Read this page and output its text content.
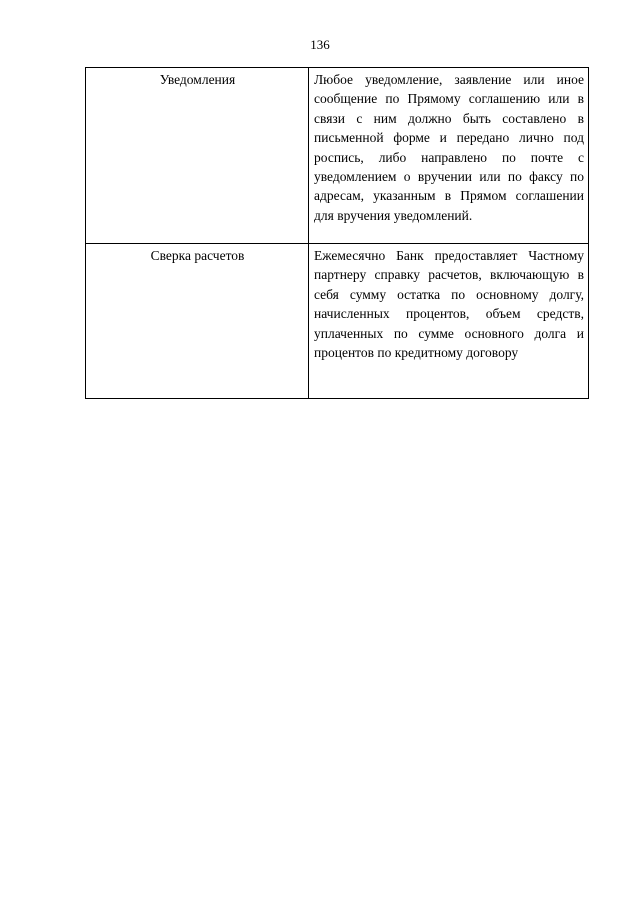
136
Уведомления	Любое уведомление, заявление или иное сообщение по Прямому соглашению или в связи с ним должно быть составлено в письменной форме и передано лично под роспись, либо направлено по почте с уведомлением о вручении или по факсу по адресам, указанным в Прямом соглашении для вручения уведомлений.
Сверка расчетов	Ежемесячно Банк предоставляет Частному партнеру справку расчетов, включающую в себя сумму остатка по основному долгу, начисленных процентов, объем средств, уплаченных по сумме основного долга и процентов по кредитному договору
